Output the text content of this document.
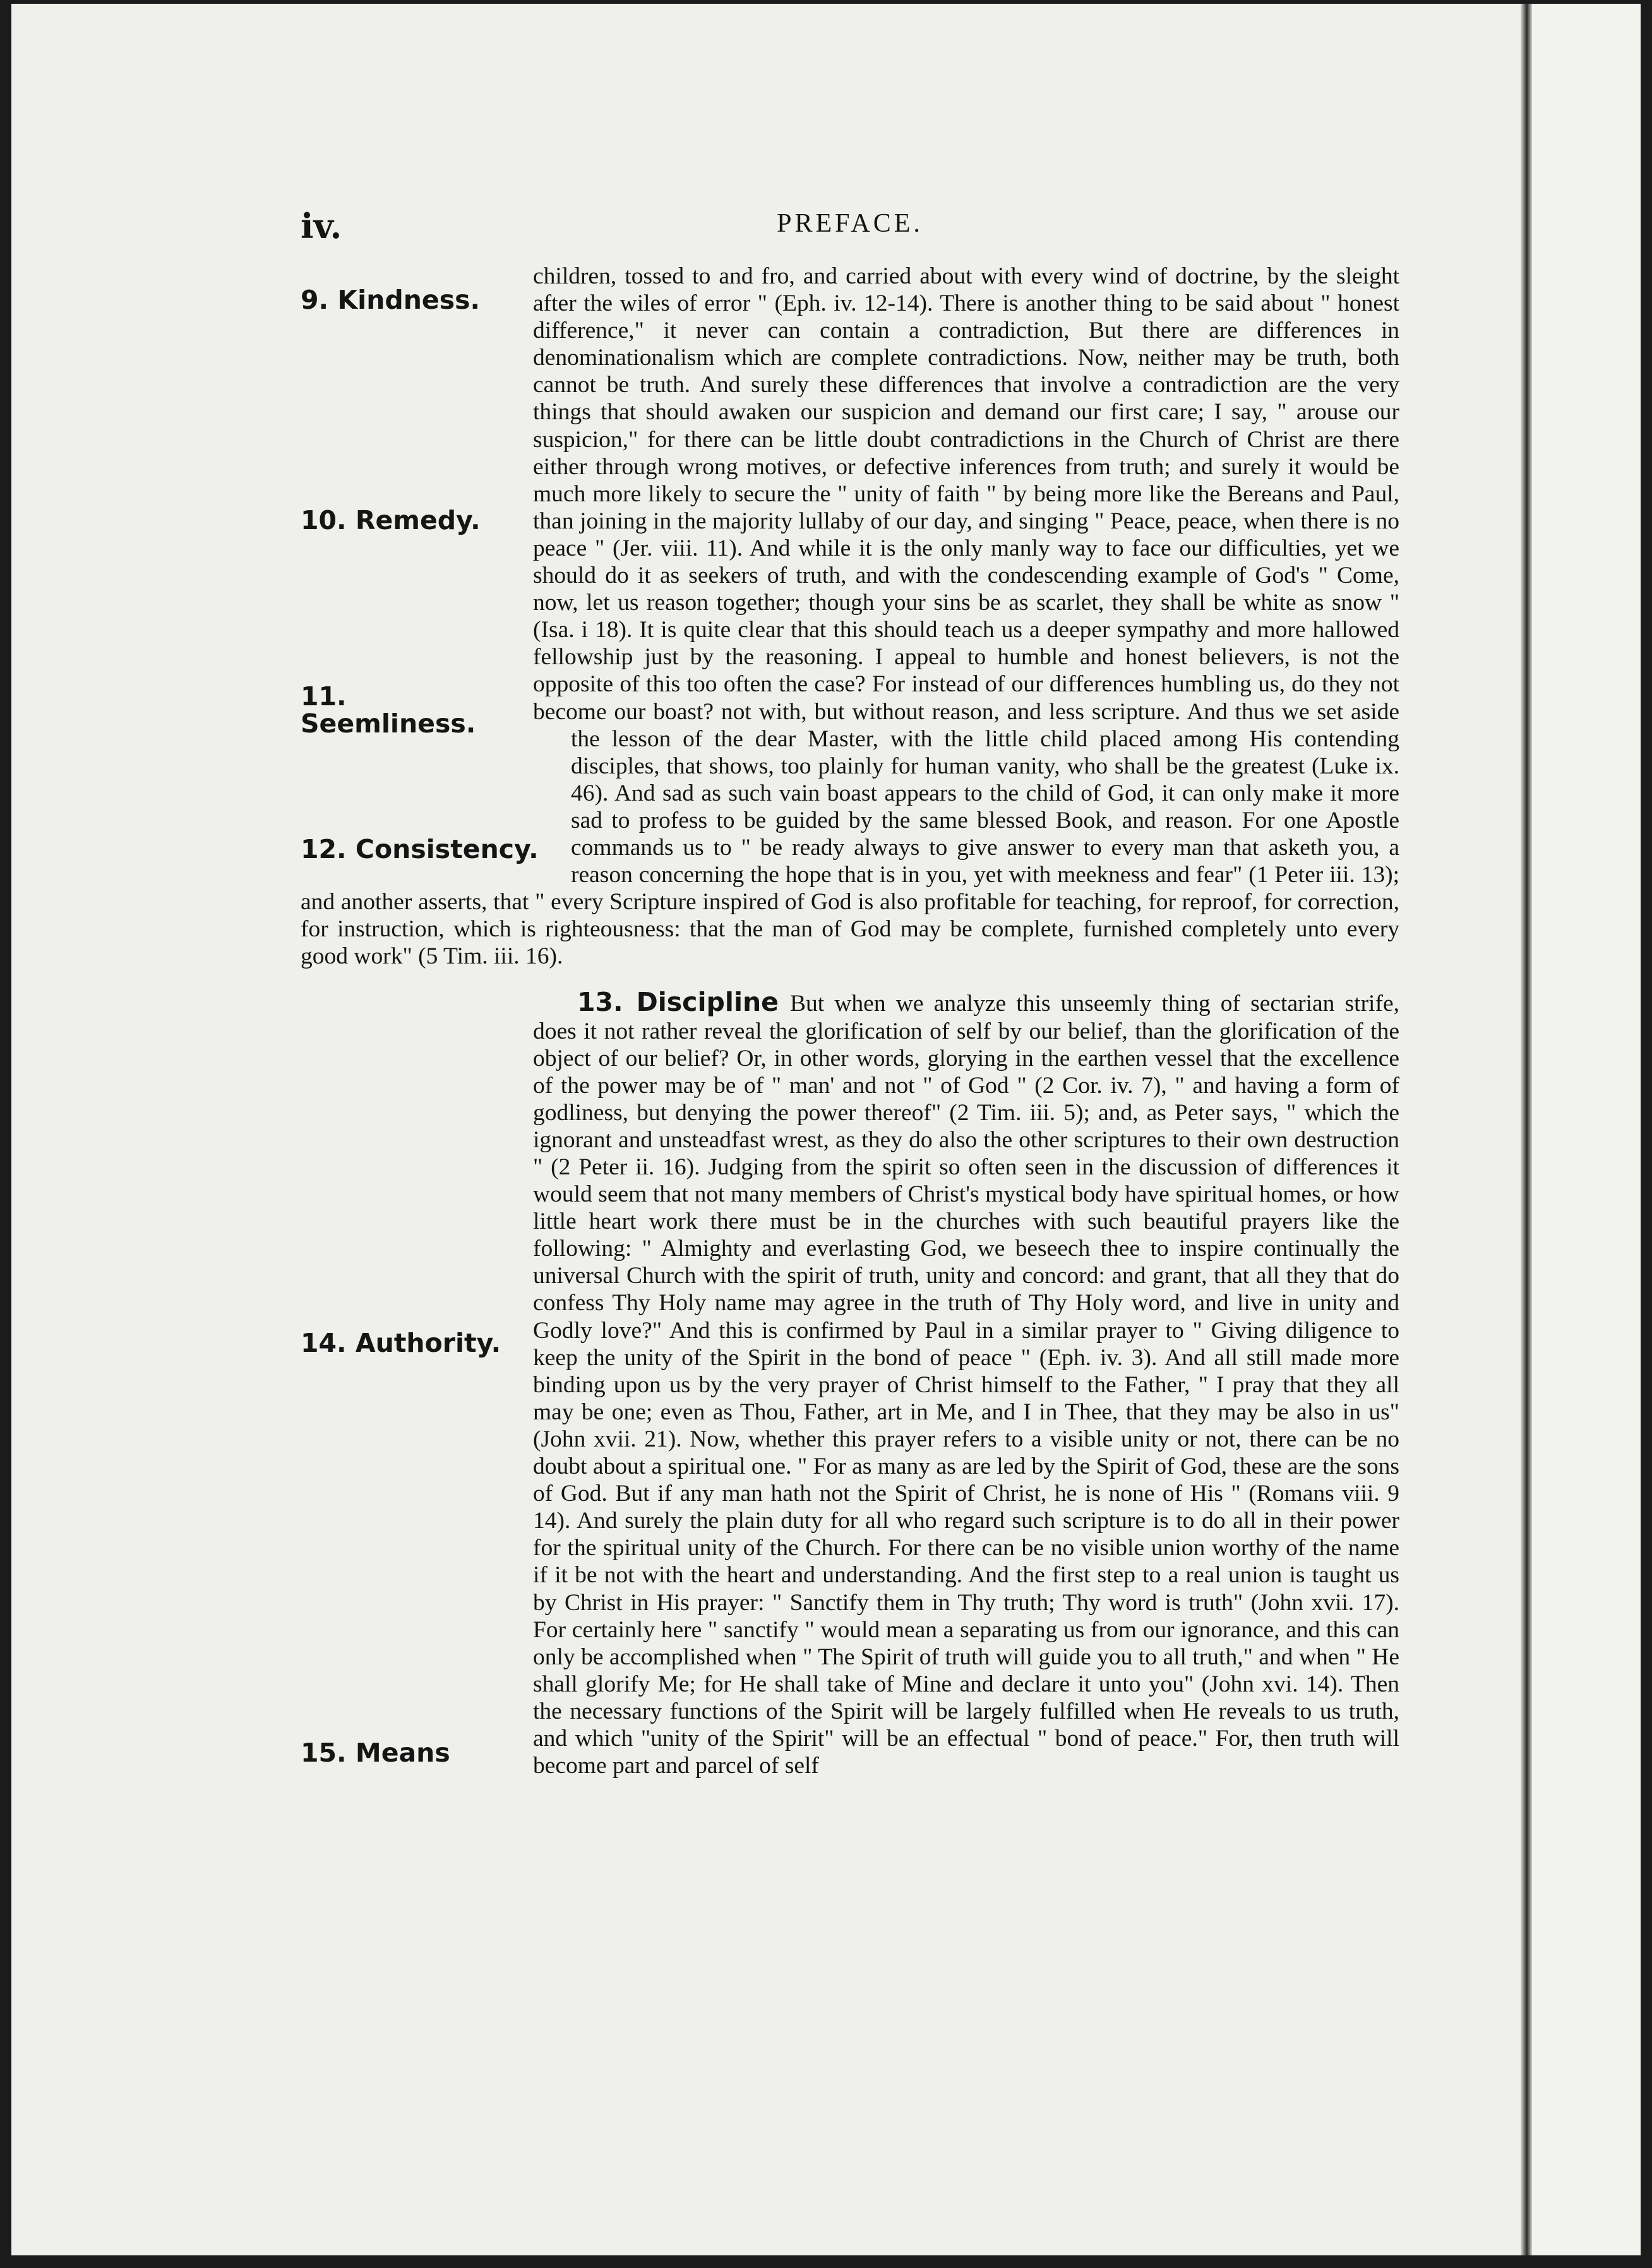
iv.	PREFACE.
9. Kindness.
10. Remedy.
11. Seemliness.
12. Consistency.

children, tossed to and fro, and carried about with every wind of doctrine, by the sleight after the wiles of error " (Eph. iv. 12-14). There is another thing to be said about " honest difference," it never can contain a contradiction, But there are differences in denominationalism which are complete contradictions. Now, neither may be truth, both cannot be truth. And surely these differences that involve a contradiction are the very things that should awaken our suspicion and demand our first care; I say, " arouse our suspicion," for there can be little doubt contradictions in the Church of Christ are there either through wrong motives, or defective inferences from truth; and surely it would be much more likely to secure the " unity of faith " by being more like the Bereans and Paul, than joining in the majority lullaby of our day, and singing " Peace, peace, when there is no peace " (Jer. viii. 11). And while it is the only manly way to face our difficulties, yet we should do it as seekers of truth, and with the condescending example of God's " Come, now, let us reason together; though your sins be as scarlet, they shall be white as snow " (Isa. i 18). It is quite clear that this should teach us a deeper sympathy and more hallowed fellowship just by the reasoning. I appeal to humble and honest believers, is not the opposite of this too often the case? For instead of our differences humbling us, do they not become our boast? not with, but without reason, and less scripture. And thus we set aside the lesson of the dear Master, with the little child placed among His contending disciples, that shows, too plainly for human vanity, who shall be the greatest (Luke ix. 46). And sad as such vain boast appears to the child of God, it can only make it more sad to profess to be guided by the same blessed Book, and reason. For one Apostle commands us to " be ready always to give answer to every man that asketh you, a reason concerning the hope that is in you, yet with meekness and fear" (1 Peter iii. 13); and another asserts, that " every Scripture inspired of God is also profitable for teaching, for reproof, for correction, for instruction, which is righteousness: that the man of God may be complete, furnished completely unto every good work" (5 Tim. iii. 16).

14. Authority.
15. Means

13. Discipline But when we analyze this unseemly thing of sectarian strife, does it not rather reveal the glorification of self by our belief, than the glorification of the object of our belief? Or, in other words, glorying in the earthen vessel that the excellence of the power may be of " man' and not " of God " (2 Cor. iv. 7), " and having a form of godliness, but denying the power thereof" (2 Tim. iii. 5); and, as Peter says, " which the ignorant and unsteadfast wrest, as they do also the other scriptures to their own destruction " (2 Peter ii. 16). Judging from the spirit so often seen in the discussion of differences it would seem that not many members of Christ's mystical body have spiritual homes, or how little heart work there must be in the churches with such beautiful prayers like the following: " Almighty and everlasting God, we beseech thee to inspire continually the universal Church with the spirit of truth, unity and concord: and grant, that all they that do confess Thy Holy name may agree in the truth of Thy Holy word, and live in unity and Godly love?" And this is confirmed by Paul in a similar prayer to " Giving diligence to keep the unity of the Spirit in the bond of peace " (Eph. iv. 3). And all still made more binding upon us by the very prayer of Christ himself to the Father, " I pray that they all may be one; even as Thou, Father, art in Me, and I in Thee, that they may be also in us" (John xvii. 21). Now, whether this prayer refers to a visible unity or not, there can be no doubt about a spiritual one. " For as many as are led by the Spirit of God, these are the sons of God. But if any man hath not the Spirit of Christ, he is none of His " (Romans viii. 9 14). And surely the plain duty for all who regard such scripture is to do all in their power for the spiritual unity of the Church. For there can be no visible union worthy of the name if it be not with the heart and understanding. And the first step to a real union is taught us by Christ in His prayer: " Sanctify them in Thy truth; Thy word is truth" (John xvii. 17). For certainly here " sanctify " would mean a separating us from our ignorance, and this can only be accomplished when " The Spirit of truth will guide you to all truth," and when " He shall glorify Me; for He shall take of Mine and declare it unto you" (John xvi. 14). Then the necessary functions of the Spirit will be largely fulfilled when He reveals to us truth, and which "unity of the Spirit" will be an effectual " bond of peace." For, then truth will become part and parcel of self
